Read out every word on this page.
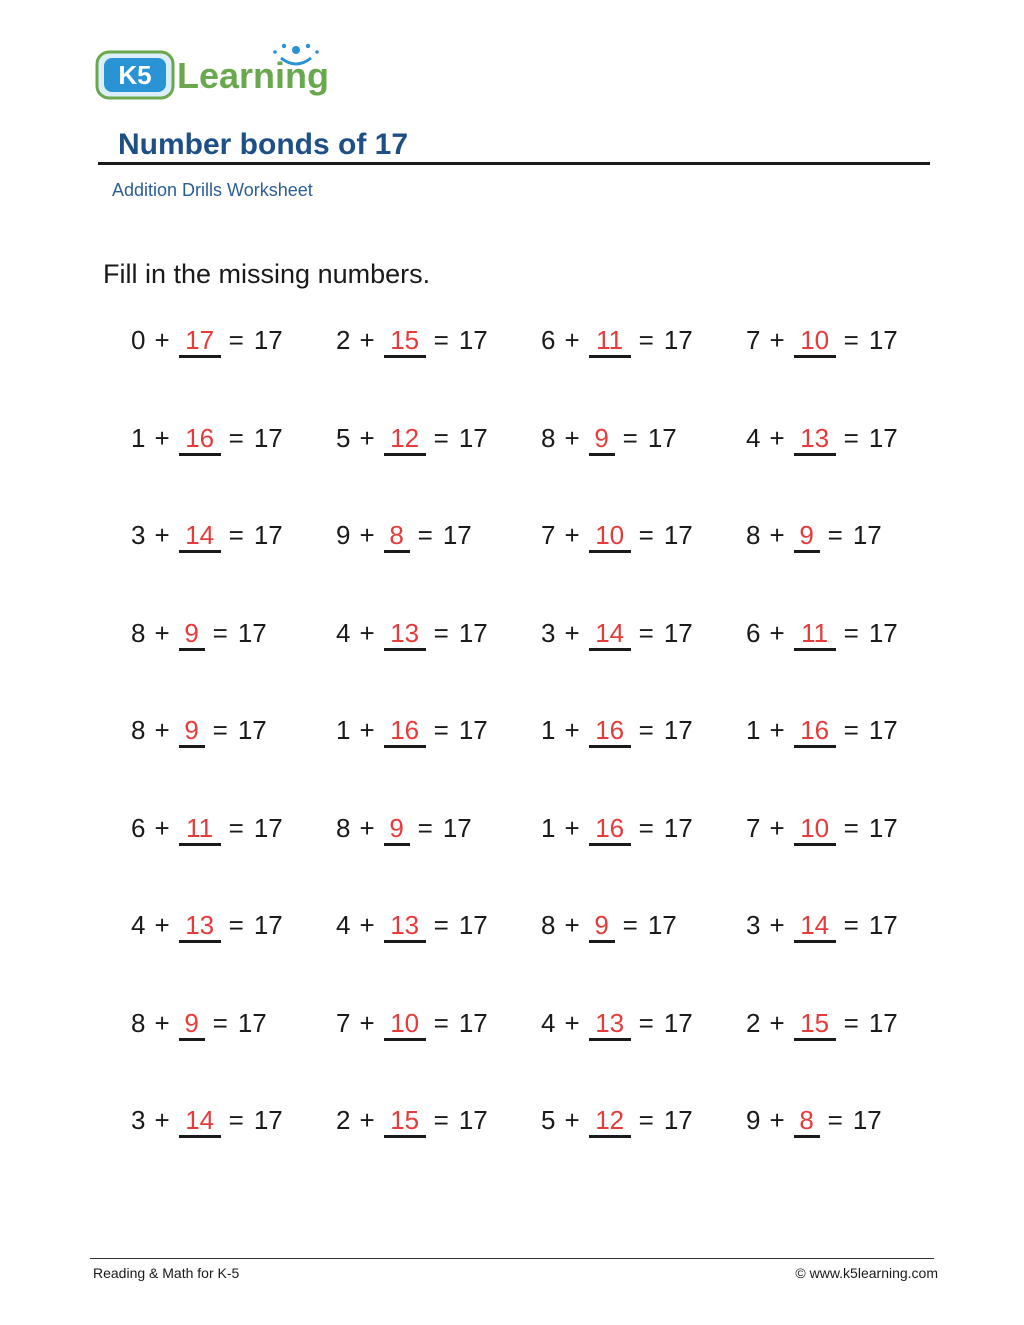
K5 Learning
Number bonds of 17
Addition Drills Worksheet
Fill in the missing numbers.
0 + 17 = 17 2 + 15 = 17 6 + 11 = 17 7 + 10 = 17
1 + 16 = 17 5 + 12 = 17 8 + 9 = 17	4 + 13 = 17
3 + 14 = 17 9 + 8 = 17	7 + 10 = 17 8 + 9 = 17
8 + 9 = 17	4 + 13 = 17 3 + 14 = 17 6 + 11 = 17
8 + 9 = 17	1 + 16 = 17 1 + 16 = 17 1 + 16 = 17
6 + 11 = 17 8 + 9 = 17	1 + 16 = 17 7 + 10 = 17
4 + 13 = 17 4 + 13 = 17 8 + 9 = 17	3 + 14 = 17
8 + 9 = 17	7 + 10 = 17 4 + 13 = 17 2 + 15 = 17
3 + 14 = 17 2 + 15 = 17 5 + 12 = 17 9 + 8 = 17
Reading & Math for K-5	© www.k5learning.com
